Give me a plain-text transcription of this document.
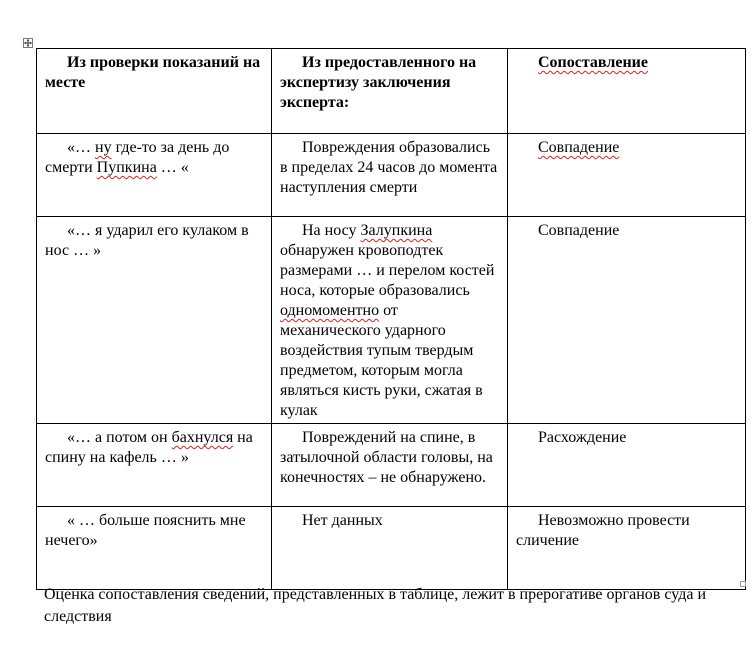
Из проверки показаний на месте	Из предоставленного на экспертизу заключения эксперта:	Сопоставление
«… ну где-то за день до смерти Пупкина … «	Повреждения образовались в пределах 24 часов до момента наступления смерти	Совпадение
«… я ударил его кулаком в нос … »	На носу Залупкина обнаружен кровоподтек размерами … и перелом костей носа, которые образовались одномоментно от механического ударного воздействия тупым твердым предметом, которым могла являться кисть руки, сжатая в кулак	Совпадение
«… а потом он бахнулся на спину на кафель … »	Повреждений на спине, в затылочной области головы, на конечностях – не обнаружено.	Расхождение
« … больше пояснить мне нечего»	Нет данных	Невозможно провести сличение
Оценка сопоставления сведений, представленных в таблице, лежит в прерогативе органов суда и следствия
